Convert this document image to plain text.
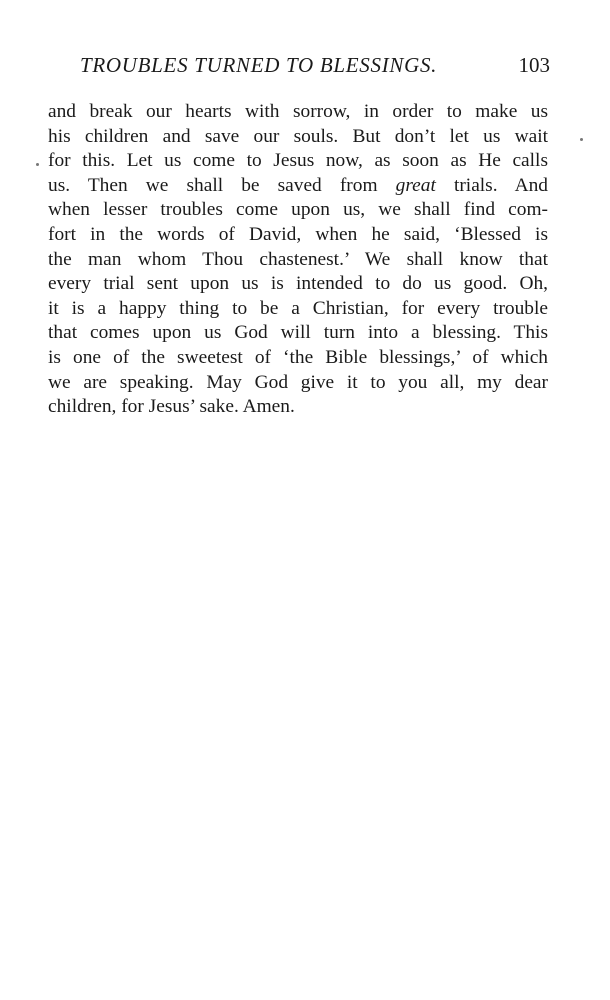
TROUBLES TURNED TO BLESSINGS.	103
and break our hearts with sorrow, in order to make us
his children and save our souls. But don’t let us wait
for this. Let us come to Jesus now, as soon as He calls
us. Then we shall be saved from great trials. And
when lesser troubles come upon us, we shall find com-
fort in the words of David, when he said, ‘Blessed is
the man whom Thou chastenest.’ We shall know that
every trial sent upon us is intended to do us good. Oh,
it is a happy thing to be a Christian, for every trouble
that comes upon us God will turn into a blessing. This
is one of the sweetest of ‘the Bible blessings,’ of which
we are speaking. May God give it to you all, my dear
children, for Jesus’ sake. Amen.
